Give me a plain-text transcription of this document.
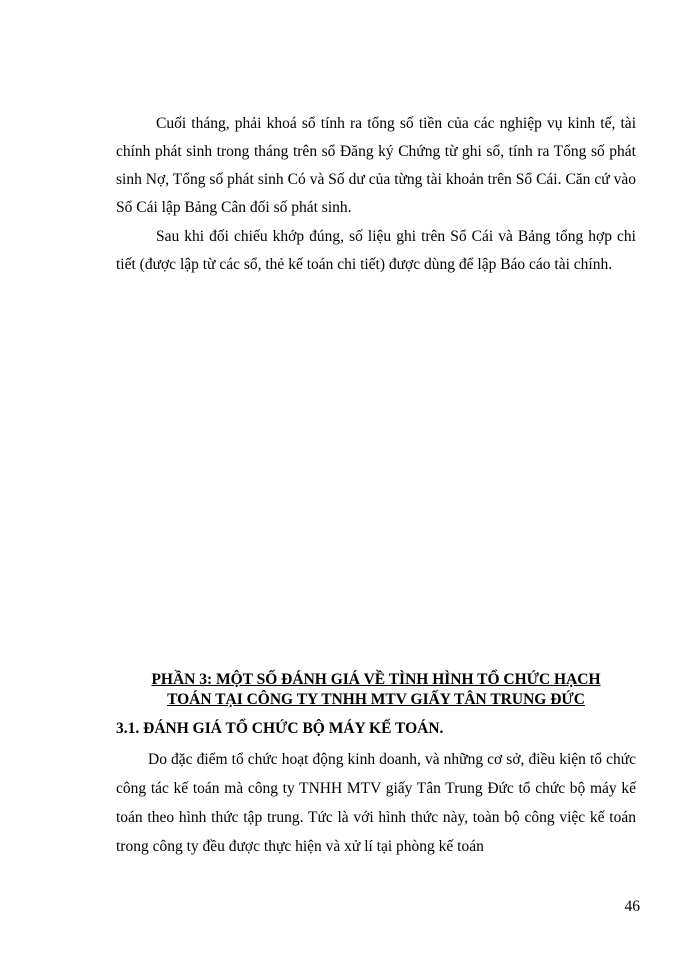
Cuối tháng, phải khoá sổ tính ra tổng số tiền của các nghiệp vụ kinh tế, tài chính phát sinh trong tháng trên sổ Đăng ký Chứng từ ghi sổ, tính ra Tổng số phát sinh Nợ, Tổng số phát sinh Có và Số dư của từng tài khoản trên Sổ Cái. Căn cứ vào Sổ Cái lập Bảng Cân đối số phát sinh.

Sau khi đối chiếu khớp đúng, số liệu ghi trên Sổ Cái và Bảng tổng hợp chi tiết (được lập từ các sổ, thẻ kế toán chi tiết) được dùng để lập Báo cáo tài chính.

PHẦN 3: MỘT SỐ ĐÁNH GIÁ VỀ TÌNH HÌNH TỔ CHỨC HẠCH
TOÁN TẠI CÔNG TY TNHH MTV GIẤY TÂN TRUNG ĐỨC
3.1. ĐÁNH GIÁ TỔ CHỨC BỘ MÁY KẾ TOÁN.

Do đặc điểm tổ chức hoạt động kinh doanh, và những cơ sở, điều kiện tổ chức công tác kế toán mà công ty TNHH MTV giấy Tân Trung Đức tổ chức bộ máy kế toán theo hình thức tập trung. Tức là với hình thức này, toàn bộ công việc kế toán trong công ty đều được thực hiện và xử lí tại phòng kế toán

46
